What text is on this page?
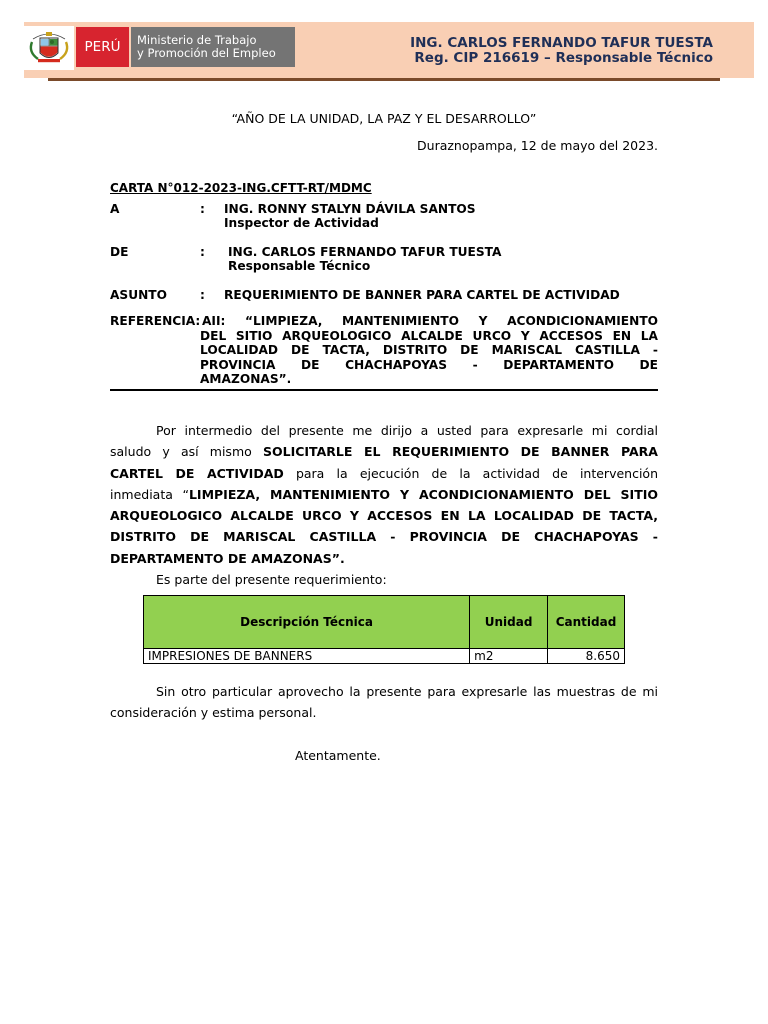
PERÚ	Ministerio de Trabajo
y Promoción del Empleo
ING. CARLOS FERNANDO TAFUR TUESTA
Reg. CIP 216619 – Responsable Técnico
“AÑO DE LA UNIDAD, LA PAZ Y EL DESARROLLO”
Duraznopampa, 12 de mayo del 2023.
CARTA N°012-2023-ING.CFTT-RT/MDMC
A	: ING. RONNY STALYN DÁVILA SANTOS
Inspector de Actividad
DE	: ING. CARLOS FERNANDO TAFUR TUESTA
Responsable Técnico
ASUNTO	: REQUERIMIENTO DE BANNER PARA CARTEL DE ACTIVIDAD
REFERENCIA: AII: “LIMPIEZA, MANTENIMIENTO Y ACONDICIONAMIENTO
DEL SITIO ARQUEOLOGICO ALCALDE URCO Y ACCESOS EN LA
LOCALIDAD DE TACTA, DISTRITO DE MARISCAL CASTILLA -
PROVINCIA DE CHACHAPOYAS - DEPARTAMENTO DE
AMAZONAS”.
Por intermedio del presente me dirijo a usted para expresarle mi cordial
saludo y así mismo SOLICITARLE EL REQUERIMIENTO DE BANNER PARA
CARTEL DE ACTIVIDAD para la ejecución de la actividad de intervención
inmediata “LIMPIEZA, MANTENIMIENTO Y ACONDICIONAMIENTO DEL SITIO
ARQUEOLOGICO ALCALDE URCO Y ACCESOS EN LA LOCALIDAD DE TACTA,
DISTRITO DE MARISCAL CASTILLA - PROVINCIA DE CHACHAPOYAS -
DEPARTAMENTO DE AMAZONAS”.
Es parte del presente requerimiento:
Descripción Técnica	Unidad	Cantidad
IMPRESIONES DE BANNERS	m2	8.650
Sin otro particular aprovecho la presente para expresarle las muestras de mi
consideración y estima personal.
Atentamente.
